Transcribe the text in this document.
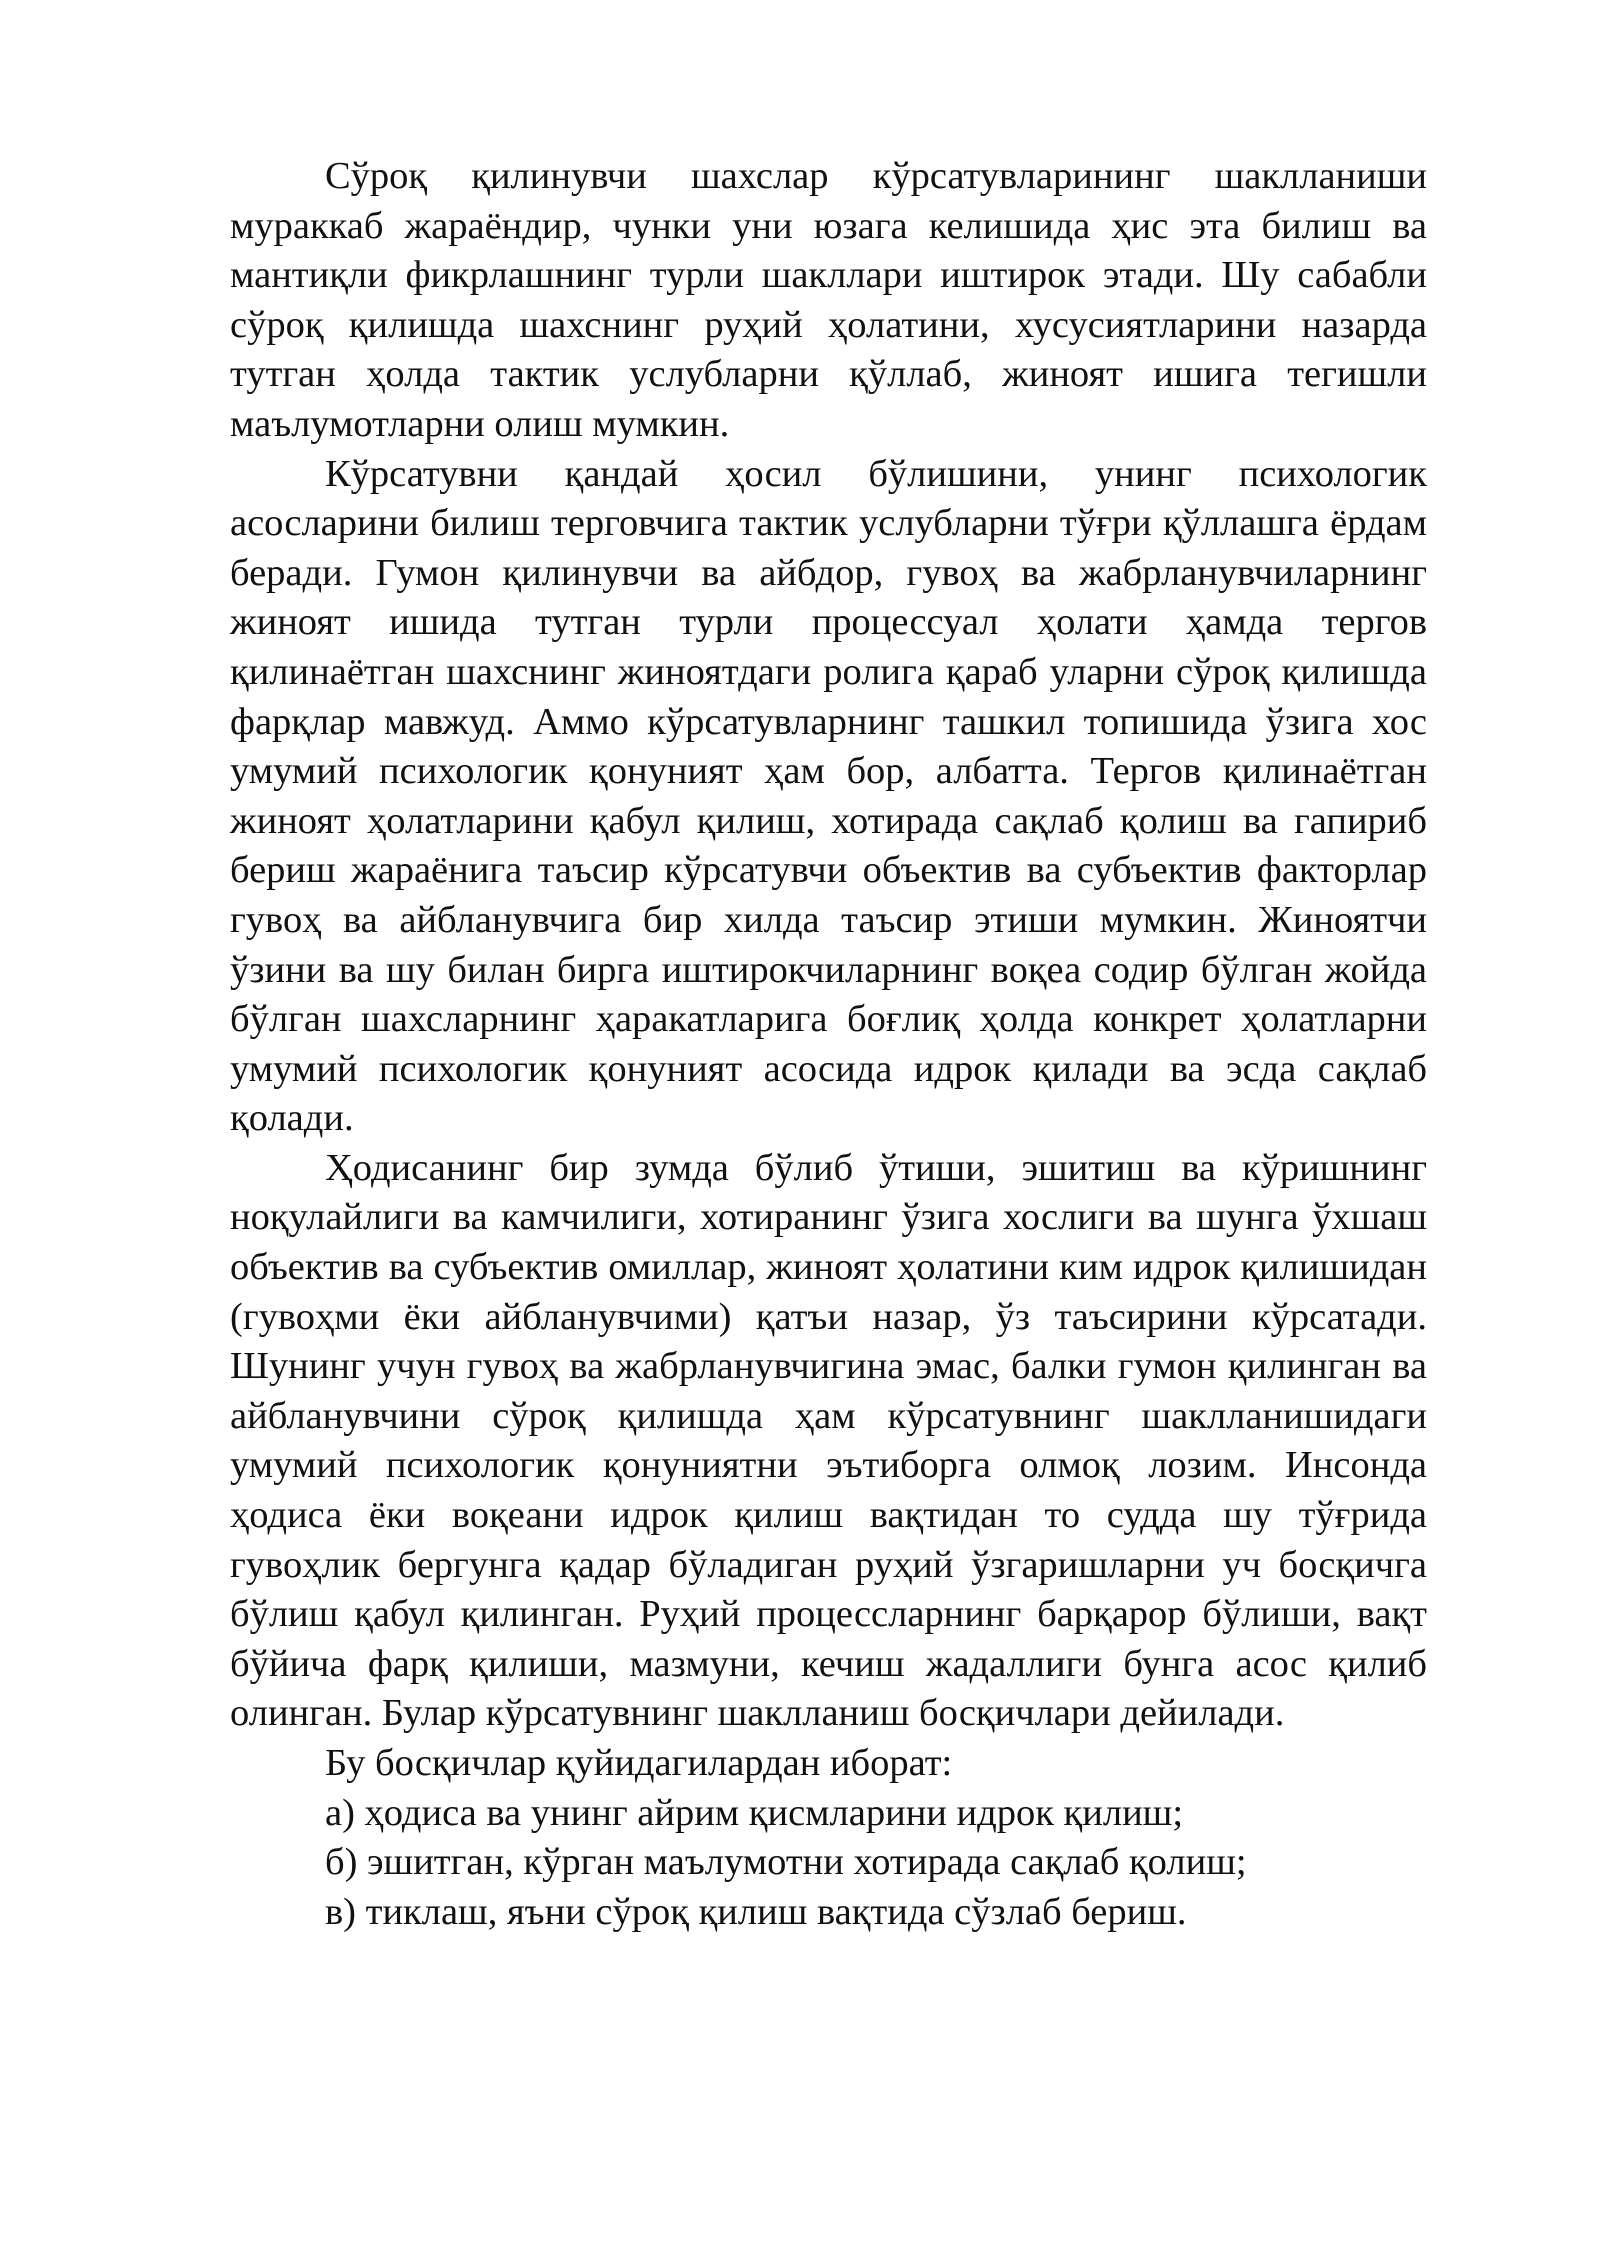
Сўроқ қилинувчи шахслар кўрсатувларининг шаклланиши мураккаб жараёндир, чунки уни юзага келишида ҳис эта билиш ва мантиқли фикрлашнинг турли шакллари иштирок этади. Шу сабабли сўроқ қилишда шахснинг руҳий ҳолатини, хусусиятларини назарда тутган ҳолда тактик услубларни қўллаб, жиноят ишига тегишли маълумотларни олиш мумкин.

Кўрсатувни қандай ҳосил бўлишини, унинг психологик асосларини билиш терговчига тактик услубларни тўғри қўллашга ёрдам беради. Гумон қилинувчи ва айбдор, гувоҳ ва жабрланувчиларнинг жиноят ишида тутган турли процессуал ҳолати ҳамда тергов қилинаётган шахснинг жиноятдаги ролига қараб уларни сўроқ қилишда фарқлар мавжуд. Аммо кўрсатувларнинг ташкил топишида ўзига хос умумий психологик қонуният ҳам бор, албатта. Тергов қилинаётган жиноят ҳолатларини қабул қилиш, хотирада сақлаб қолиш ва гапириб бериш жараёнига таъсир кўрсатувчи объектив ва субъектив факторлар гувоҳ ва айбланувчига бир хилда таъсир этиши мумкин. Жиноятчи ўзини ва шу билан бирга иштирокчиларнинг воқеа содир бўлган жойда бўлган шахсларнинг ҳаракатларига боғлиқ ҳолда конкрет ҳолатларни умумий психологик қонуният асосида идрок қилади ва эсда сақлаб қолади.

Ҳодисанинг бир зумда бўлиб ўтиши, эшитиш ва кўришнинг ноқулайлиги ва камчилиги, хотиранинг ўзига хослиги ва шунга ўхшаш объектив ва субъектив омиллар, жиноят ҳолатини ким идрок қилишидан (гувоҳми ёки айбланувчими) қатъи назар, ўз таъсирини кўрсатади. Шунинг учун гувоҳ ва жабрланувчигина эмас, балки гумон қилинган ва айбланувчини сўроқ қилишда ҳам кўрсатувнинг шаклланишидаги умумий психологик қонуниятни эътиборга олмоқ лозим. Инсонда ҳодиса ёки воқеани идрок қилиш вақтидан то судда шу тўғрида гувоҳлик бергунга қадар бўладиган руҳий ўзгаришларни уч босқичга бўлиш қабул қилинган. Руҳий процессларнинг барқарор бўлиши, вақт бўйича фарқ қилиши, мазмуни, кечиш жадаллиги бунга асос қилиб олинган. Булар кўрсатувнинг шаклланиш босқичлари дейилади.

Бу босқичлар қуйидагилардан иборат:

а) ҳодиса ва унинг айрим қисмларини идрок қилиш;

б) эшитган, кўрган маълумотни хотирада сақлаб қолиш;

в) тиклаш, яъни сўроқ қилиш вақтида сўзлаб бериш.
